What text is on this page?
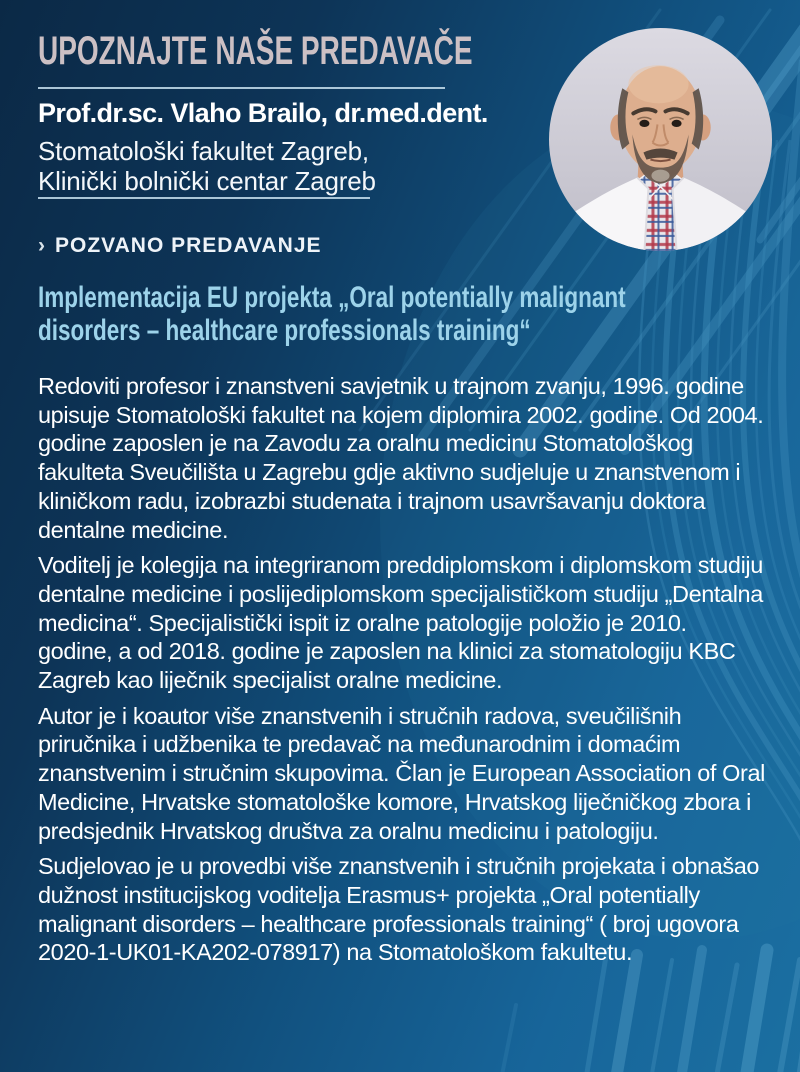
UPOZNAJTE NAŠE PREDAVAČE
Prof.dr.sc. Vlaho Brailo, dr.med.dent.

Stomatološki fakultet Zagreb,
Klinički bolnički centar Zagreb

› POZVANO PREDAVANJE
Implementacija EU projekta „Oral potentially malignant
disorders – healthcare professionals training“

Redoviti profesor i znanstveni savjetnik u trajnom zvanju, 1996. godine upisuje Stomatološki fakultet na kojem diplomira 2002. godine. Od 2004. godine zaposlen je na Zavodu za oralnu medicinu Stomatološkog fakulteta Sveučilišta u Zagrebu gdje aktivno sudjeluje u znanstvenom i kliničkom radu, izobrazbi studenata i trajnom usavršavanju doktora dentalne medicine.

Voditelj je kolegija na integriranom preddiplomskom i diplomskom studiju dentalne medicine i poslijediplomskom specijalističkom studiju „Dentalna medicina“. Specijalistički ispit iz oralne patologije položio je 2010. godine, a od 2018. godine je zaposlen na klinici za stomatologiju KBC Zagreb kao liječnik specijalist oralne medicine.

Autor je i koautor više znanstvenih i stručnih radova, sveučilišnih priručnika i udžbenika te predavač na međunarodnim i domaćim znanstvenim i stručnim skupovima. Član je European Association of Oral Medicine, Hrvatske stomatološke komore, Hrvatskog liječničkog zbora i predsjednik Hrvatskog društva za oralnu medicinu i patologiju.

Sudjelovao je u provedbi više znanstvenih i stručnih projekata i obnašao dužnost institucijskog voditelja Erasmus+ projekta „Oral potentially malignant disorders – healthcare professionals training“ ( broj ugovora 2020-1-UK01-KA202-078917) na Stomatološkom fakultetu.
